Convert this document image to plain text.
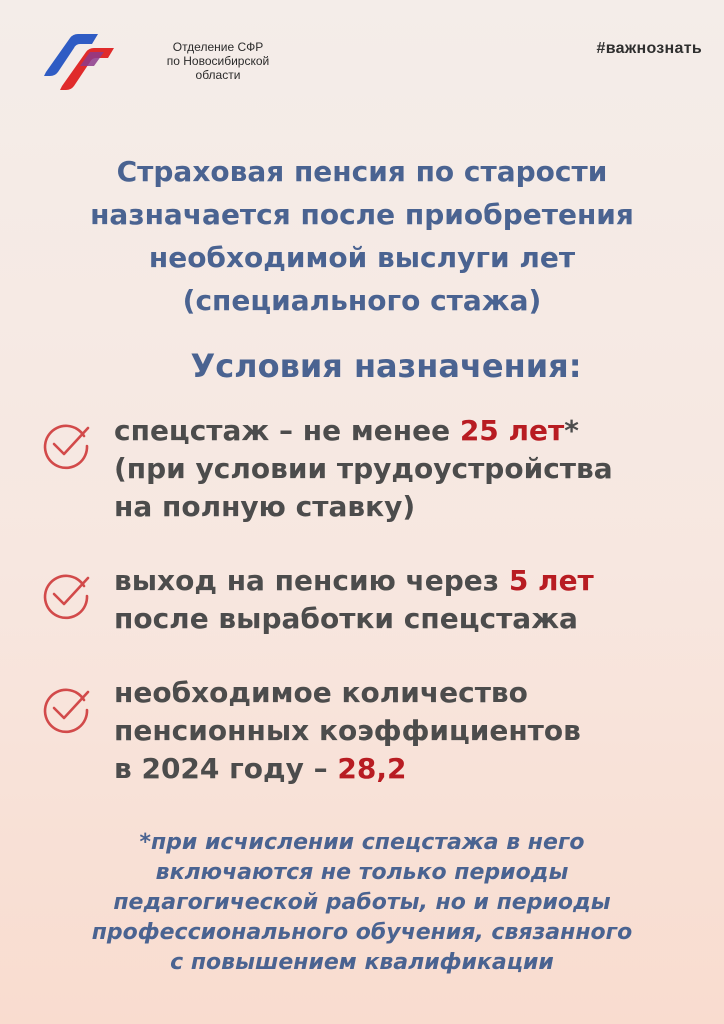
Отделение СФР
по Новосибирской
области
#важнознать
Страховая пенсия по старости
назначается после приобретения
необходимой выслуги лет
(специального стажа)
Условия назначения:
спецстаж – не менее 25 лет*
(при условии трудоустройства
на полную ставку)
выход на пенсию через 5 лет
после выработки спецстажа
необходимое количество
пенсионных коэффициентов
в 2024 году – 28,2
*при исчислении спецстажа в него
включаются не только периоды
педагогической работы, но и периоды
профессионального обучения, связанного
с повышением квалификации
